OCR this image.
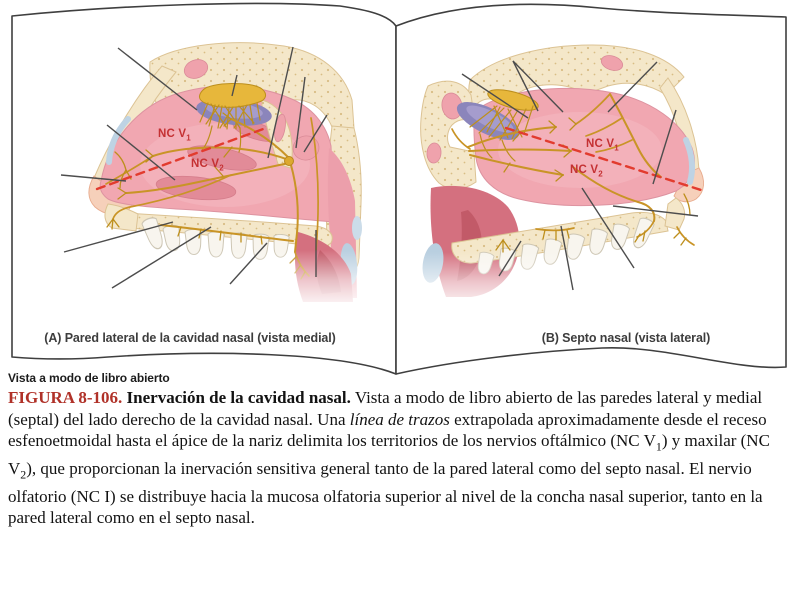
NC $V_1$
NC $V_2$
NC $V_1$
NC $V_2$
(A) Pared lateral de la cavidad nasal (vista medial)	(B) Septo nasal (vista lateral)
Vista a modo de libro abierto

FIGURA 8-106. Inervación de la cavidad nasal. Vista a modo de libro abierto de las paredes lateral y medial (septal) del lado derecho de la cavidad nasal. Una línea de trazos extrapolada aproximadamente desde el receso esfenoetmoidal hasta el ápice de la nariz delimita los territorios de los nervios oftálmico (NC $V_1$) y maxilar (NC $V_2$), que proporcionan la inervación sensitiva general tanto de la pared lateral como del septo nasal. El nervio olfatorio (NC I) se distribuye hacia la mucosa olfatoria superior al nivel de la concha nasal superior, tanto en la pared lateral como en el septo nasal.
